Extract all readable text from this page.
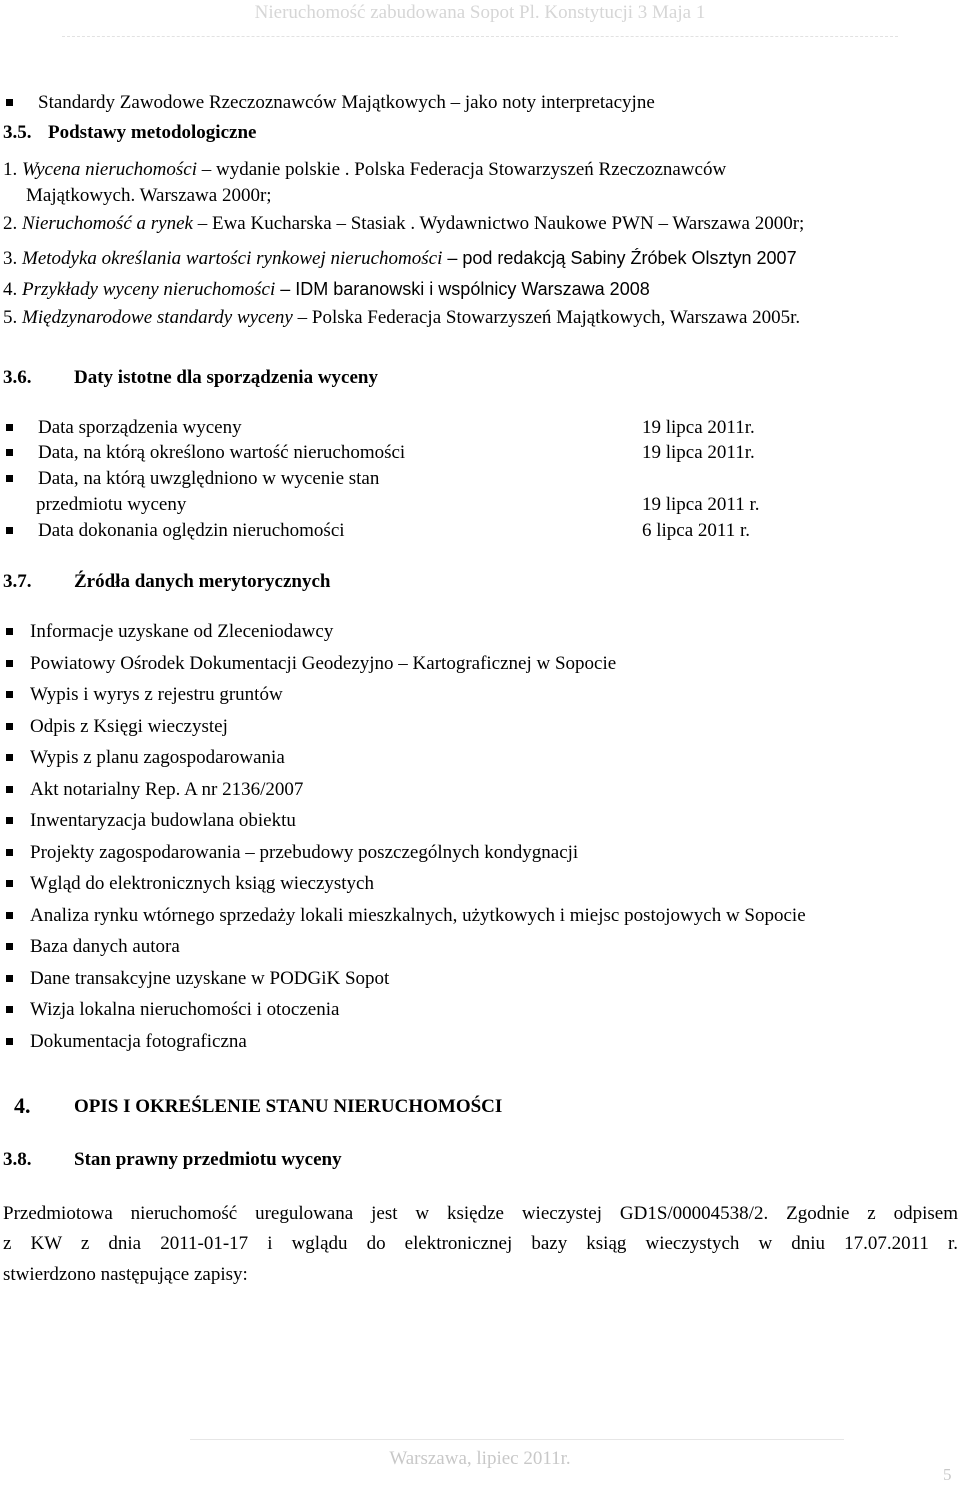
Nieruchomość zabudowana Sopot Pl. Konstytucji 3 Maja 1
Standardy Zawodowe Rzeczoznawców Majątkowych – jako noty interpretacyjne
3.5. Podstawy metodologiczne
1. Wycena nieruchomości – wydanie polskie . Polska Federacja Stowarzyszeń Rzeczoznawców
Majątkowych. Warszawa 2000r;
2. Nieruchomość a rynek – Ewa Kucharska – Stasiak . Wydawnictwo Naukowe PWN – Warszawa 2000r;
3. Metodyka określania wartości rynkowej nieruchomości – pod redakcją Sabiny Źróbek Olsztyn 2007
4. Przykłady wyceny nieruchomości – IDM baranowski i wspólnicy Warszawa 2008
5. Międzynarodowe standardy wyceny – Polska Federacja Stowarzyszeń Majątkowych, Warszawa 2005r.
3.6. Daty istotne dla sporządzenia wyceny
Data sporządzenia wyceny	19 lipca 2011r.
Data, na którą określono wartość nieruchomości	19 lipca 2011r.
Data, na którą uwzględniono w wycenie stan
przedmiotu wyceny	19 lipca 2011 r.
Data dokonania oględzin nieruchomości	6 lipca 2011 r.
3.7. Źródła danych merytorycznych
Informacje uzyskane od Zleceniodawcy
Powiatowy Ośrodek Dokumentacji Geodezyjno – Kartograficznej w Sopocie
Wypis i wyrys z rejestru gruntów
Odpis z Księgi wieczystej
Wypis z planu zagospodarowania
Akt notarialny Rep. A nr 2136/2007
Inwentaryzacja budowlana obiektu
Projekty zagospodarowania – przebudowy poszczególnych kondygnacji
Wgląd do elektronicznych ksiąg wieczystych
Analiza rynku wtórnego sprzedaży lokali mieszkalnych, użytkowych i miejsc postojowych w Sopocie
Baza danych autora
Dane transakcyjne uzyskane w PODGiK Sopot
Wizja lokalna nieruchomości i otoczenia
Dokumentacja fotograficzna
4. OPIS I OKREŚLENIE STANU NIERUCHOMOŚCI
3.8. Stan prawny przedmiotu wyceny
Przedmiotowa nieruchomość uregulowana jest w księdze wieczystej GD1S/00004538/2. Zgodnie z odpisem
z KW z dnia 2011-01-17 i wglądu do elektronicznej bazy ksiąg wieczystych w dniu 17.07.2011 r.
stwierdzono następujące zapisy:
Warszawa, lipiec 2011r.
5
